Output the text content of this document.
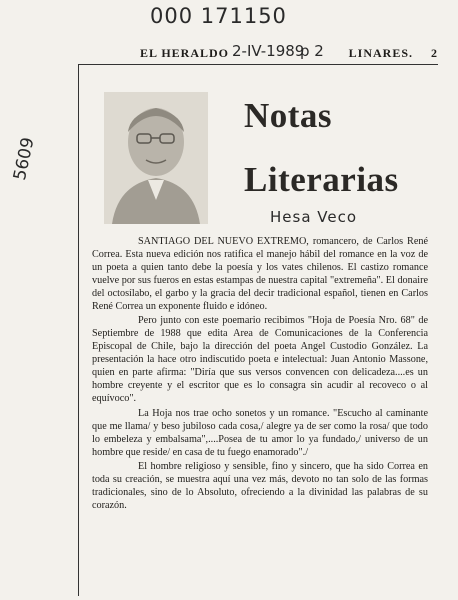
000 171150
5609
EL HERALDO	LINARES. 2
2-IV-1989
p 2
Notas
Literarias
Hesa Veco

SANTIAGO DEL NUEVO EXTREMO, romancero, de Carlos René Correa. Esta nueva edición nos ratifica el manejo hábil del romance en la voz de un poeta a quien tanto debe la poesía y los vates chilenos. El castizo romance vuelve por sus fueros en estas estampas de nuestra capital "extremeña". El donaire del octosílabo, el garbo y la gracia del decir tradicional español, tienen en Carlos René Correa un exponente fluido e idóneo.

Pero junto con este poemario recibimos "Hoja de Poesía Nro. 68" de Septiembre de 1988 que edita Area de Comunicaciones de la Conferencia Episcopal de Chile, bajo la dirección del poeta Angel Custodio González. La presentación la hace otro indiscutido poeta e intelectual: Juan Antonio Massone, quien en parte afirma: "Diría que sus versos convencen con delicadeza....es un hombre creyente y el escritor que es lo consagra sin acudir al recoveco o al equívoco".

La Hoja nos trae ocho sonetos y un romance. "Escucho al caminante que me llama/ y beso jubiloso cada cosa,/ alegre ya de ser como la rosa/ que todo lo embeleza y embalsama",....Posea de tu amor lo ya fundado,/ universo de un hombre que reside/ en casa de tu fuego enamorado"./

El hombre religioso y sensible, fino y sincero, que ha sido Correa en toda su creación, se muestra aquí una vez más, devoto no tan solo de las formas tradicionales, sino de lo Absoluto, ofreciendo a la divinidad las palabras de su corazón.
